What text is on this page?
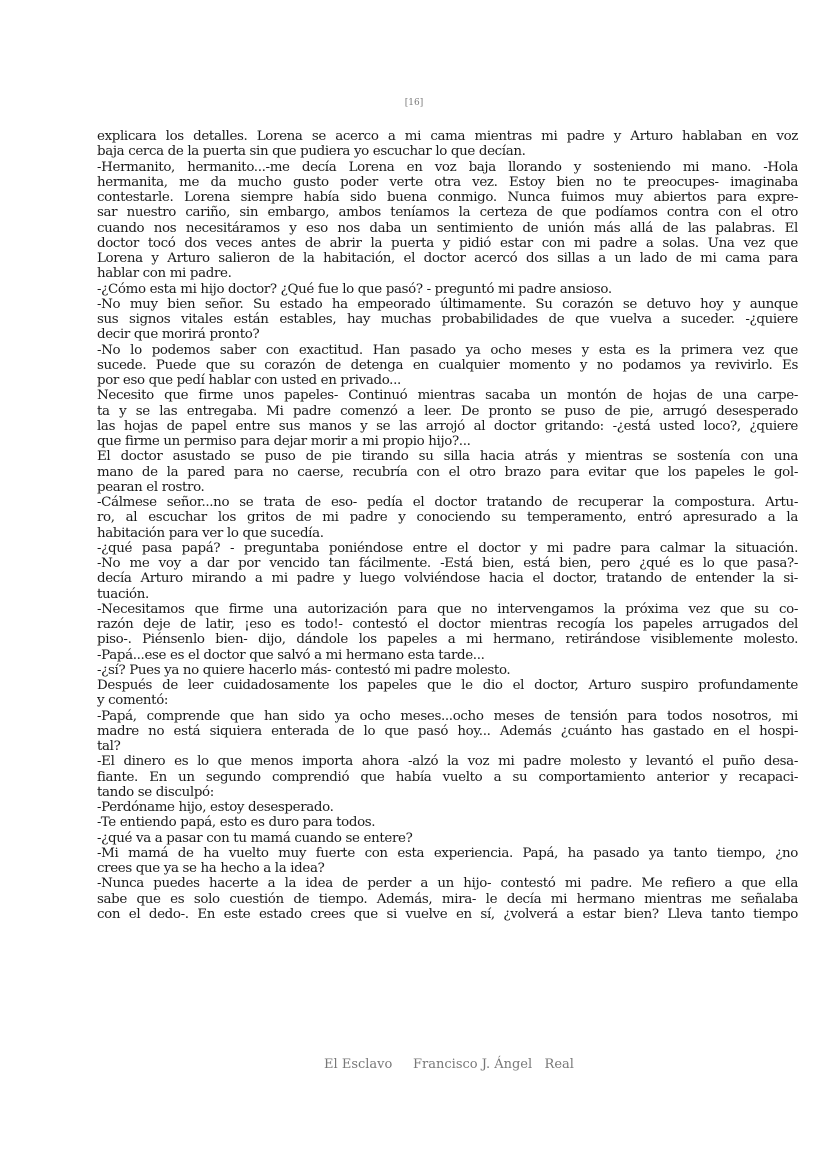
[16]
explicara los detalles. Lorena se acerco a mi cama mientras mi padre y Arturo hablaban en voz
baja cerca de la puerta sin que pudiera yo escuchar lo que decían.
-Hermanito, hermanito...-me decía Lorena en voz baja llorando y sosteniendo mi mano. -Hola
hermanita, me da mucho gusto poder verte otra vez. Estoy bien no te preocupes- imaginaba
contestarle. Lorena siempre había sido buena conmigo. Nunca fuimos muy abiertos para expre-
sar nuestro cariño, sin embargo, ambos teníamos la certeza de que podíamos contra con el otro
cuando nos necesitáramos y eso nos daba un sentimiento de unión más allá de las palabras. El
doctor tocó dos veces antes de abrir la puerta y pidió estar con mi padre a solas. Una vez que
Lorena y Arturo salieron de la habitación, el doctor acercó dos sillas a un lado de mi cama para
hablar con mi padre.
-¿Cómo esta mi hijo doctor? ¿Qué fue lo que pasó? - preguntó mi padre ansioso.
-No muy bien señor. Su estado ha empeorado últimamente. Su corazón se detuvo hoy y aunque
sus signos vitales están estables, hay muchas probabilidades de que vuelva a suceder. -¿quiere
decir que morirá pronto?
-No lo podemos saber con exactitud. Han pasado ya ocho meses y esta es la primera vez que
sucede. Puede que su corazón de detenga en cualquier momento y no podamos ya revivirlo. Es
por eso que pedí hablar con usted en privado...
Necesito que firme unos papeles- Continuó mientras sacaba un montón de hojas de una carpe-
ta y se las entregaba. Mi padre comenzó a leer. De pronto se puso de pie, arrugó desesperado
las hojas de papel entre sus manos y se las arrojó al doctor gritando: -¿está usted loco?, ¿quiere
que firme un permiso para dejar morir a mi propio hijo?...
El doctor asustado se puso de pie tirando su silla hacia atrás y mientras se sostenía con una
mano de la pared para no caerse, recubría con el otro brazo para evitar que los papeles le gol-
pearan el rostro.
-Cálmese señor...no se trata de eso- pedía el doctor tratando de recuperar la compostura. Artu-
ro, al escuchar los gritos de mi padre y conociendo su temperamento, entró apresurado a la
habitación para ver lo que sucedía.
-¿qué pasa papá? - preguntaba poniéndose entre el doctor y mi padre para calmar la situación.
-No me voy a dar por vencido tan fácilmente. -Está bien, está bien, pero ¿qué es lo que pasa?-
decía Arturo mirando a mi padre y luego volviéndose hacia el doctor, tratando de entender la si-
tuación.
-Necesitamos que firme una autorización para que no intervengamos la próxima vez que su co-
razón deje de latir, ¡eso es todo!- contestó el doctor mientras recogía los papeles arrugados del
piso-. Piénsenlo bien- dijo, dándole los papeles a mi hermano, retirándose visiblemente molesto.
-Papá...ese es el doctor que salvó a mi hermano esta tarde...
-¿sí? Pues ya no quiere hacerlo más- contestó mi padre molesto.
Después de leer cuidadosamente los papeles que le dio el doctor, Arturo suspiro profundamente
y comentó:
-Papá, comprende que han sido ya ocho meses...ocho meses de tensión para todos nosotros, mi
madre no está siquiera enterada de lo que pasó hoy... Además ¿cuánto has gastado en el hospi-
tal?
-El dinero es lo que menos importa ahora -alzó la voz mi padre molesto y levantó el puño desa-
fiante. En un segundo comprendió que había vuelto a su comportamiento anterior y recapaci-
tando se disculpó:
-Perdóname hijo, estoy desesperado.
-Te entiendo papá, esto es duro para todos.
-¿qué va a pasar con tu mamá cuando se entere?
-Mi mamá de ha vuelto muy fuerte con esta experiencia. Papá, ha pasado ya tanto tiempo, ¿no
crees que ya se ha hecho a la idea?
-Nunca puedes hacerte a la idea de perder a un hijo- contestó mi padre. Me refiero a que ella
sabe que es solo cuestión de tiempo. Además, mira- le decía mi hermano mientras me señalaba
con el dedo-. En este estado crees que si vuelve en sí, ¿volverá a estar bien? Lleva tanto tiempo
El Esclavo Francisco J. Ángel   Real
